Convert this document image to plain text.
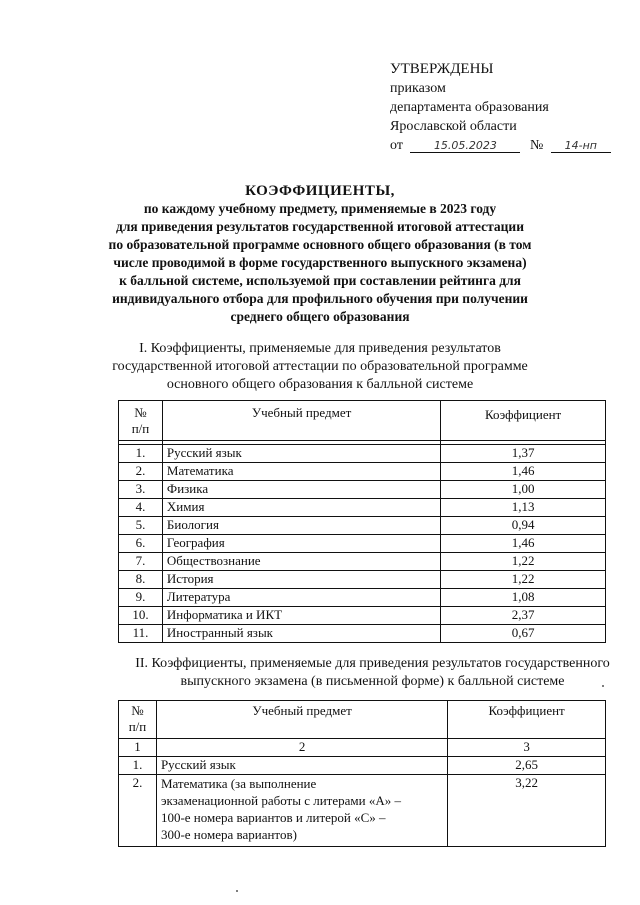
УТВЕРЖДЕНЫ
приказом
департамента образования
Ярославской области
от	15.05.2023 № 14-нп
КОЭФФИЦИЕНТЫ,
по каждому учебному предмету, применяемые в 2023 году
для приведения результатов государственной итоговой аттестации
по образовательной программе основного общего образования (в том
числе проводимой в форме государственного выпускного экзамена)
к балльной системе, используемой при составлении рейтинга для
индивидуального отбора для профильного обучения при получении
среднего общего образования
I. Коэффициенты, применяемые для приведения результатов
государственной итоговой аттестации по образовательной программе
основного общего образования к балльной системе
№
п/п	Учебный предмет	Коэффициент

1.	Русский язык	1,37
2.	Математика	1,46
3.	Физика	1,00
4.	Химия	1,13
5.	Биология	0,94
6.	География	1,46
7.	Обществознание	1,22
8.	История	1,22
9.	Литература	1,08
10.	Информатика и ИКТ	2,37
11.	Иностранный язык	0,67
II. Коэффициенты, применяемые для приведения результатов государственного
выпускного экзамена (в письменной форме) к балльной системе
№
п/п	Учебный предмет	Коэффициент
1	2	3
1.	Русский язык	2,65
2.	Математика (за выполнение
экзаменационной работы с литерами «А» –
100-е номера вариантов и литерой «С» –
300-е номера вариантов)	3,22
